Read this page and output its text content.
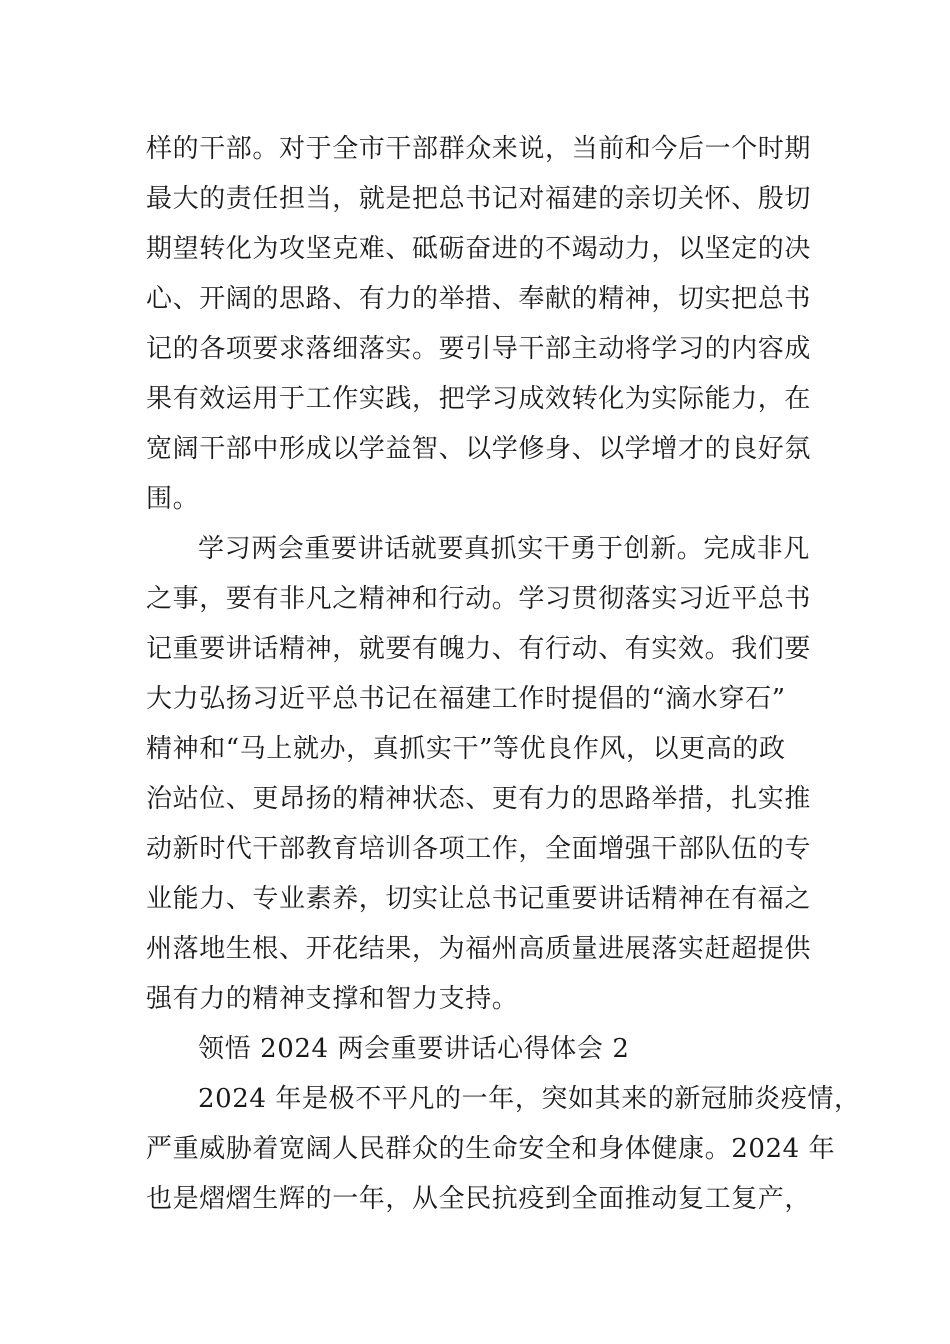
样的干部。对于全市干部群众来说，当前和今后一个时期
最大的责任担当，就是把总书记对福建的亲切关怀、殷切
期望转化为攻坚克难、砥砺奋进的不竭动力，以坚定的决
心、开阔的思路、有力的举措、奉献的精神，切实把总书
记的各项要求落细落实。要引导干部主动将学习的内容成
果有效运用于工作实践，把学习成效转化为实际能力，在
宽阔干部中形成以学益智、以学修身、以学增才的良好氛
围。
学习两会重要讲话就要真抓实干勇于创新。完成非凡
之事，要有非凡之精神和行动。学习贯彻落实习近平总书
记重要讲话精神，就要有魄力、有行动、有实效。我们要
大力弘扬习近平总书记在福建工作时提倡的“滴水穿石”
精神和“马上就办，真抓实干”等优良作风，以更高的政
治站位、更昂扬的精神状态、更有力的思路举措，扎实推
动新时代干部教育培训各项工作，全面增强干部队伍的专
业能力、专业素养，切实让总书记重要讲话精神在有福之
州落地生根、开花结果，为福州高质量进展落实赶超提供
强有力的精神支撑和智力支持。
领悟 2024 两会重要讲话心得体会 2
2024 年是极不平凡的一年，突如其来的新冠肺炎疫情，
严重威胁着宽阔人民群众的生命安全和身体健康。2024 年
也是熠熠生辉的一年，从全民抗疫到全面推动复工复产，
